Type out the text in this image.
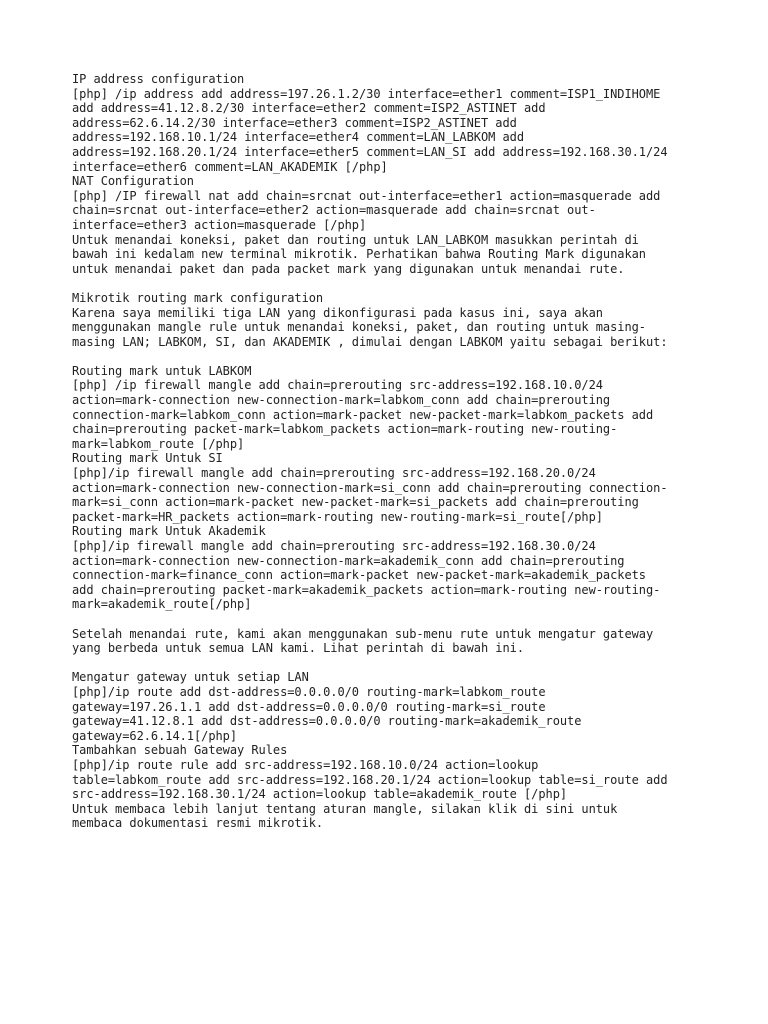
IP address configuration
[php] /ip address add address=197.26.1.2/30 interface=ether1 comment=ISP1_INDIHOME
add address=41.12.8.2/30 interface=ether2 comment=ISP2_ASTINET add
address=62.6.14.2/30 interface=ether3 comment=ISP2_ASTINET add
address=192.168.10.1/24 interface=ether4 comment=LAN_LABKOM add
address=192.168.20.1/24 interface=ether5 comment=LAN_SI add address=192.168.30.1/24
interface=ether6 comment=LAN_AKADEMIK [/php]
NAT Configuration
[php] /IP firewall nat add chain=srcnat out-interface=ether1 action=masquerade add
chain=srcnat out-interface=ether2 action=masquerade add chain=srcnat out-
interface=ether3 action=masquerade [/php]
Untuk menandai koneksi, paket dan routing untuk LAN_LABKOM masukkan perintah di
bawah ini kedalam new terminal mikrotik. Perhatikan bahwa Routing Mark digunakan
untuk menandai paket dan pada packet mark yang digunakan untuk menandai rute.

Mikrotik routing mark configuration
Karena saya memiliki tiga LAN yang dikonfigurasi pada kasus ini, saya akan
menggunakan mangle rule untuk menandai koneksi, paket, dan routing untuk masing-
masing LAN; LABKOM, SI, dan AKADEMIK , dimulai dengan LABKOM yaitu sebagai berikut:

Routing mark untuk LABKOM
[php] /ip firewall mangle add chain=prerouting src-address=192.168.10.0/24
action=mark-connection new-connection-mark=labkom_conn add chain=prerouting
connection-mark=labkom_conn action=mark-packet new-packet-mark=labkom_packets add
chain=prerouting packet-mark=labkom_packets action=mark-routing new-routing-
mark=labkom_route [/php]
Routing mark Untuk SI
[php]/ip firewall mangle add chain=prerouting src-address=192.168.20.0/24
action=mark-connection new-connection-mark=si_conn add chain=prerouting connection-
mark=si_conn action=mark-packet new-packet-mark=si_packets add chain=prerouting
packet-mark=HR_packets action=mark-routing new-routing-mark=si_route[/php]
Routing mark Untuk Akademik
[php]/ip firewall mangle add chain=prerouting src-address=192.168.30.0/24
action=mark-connection new-connection-mark=akademik_conn add chain=prerouting
connection-mark=finance_conn action=mark-packet new-packet-mark=akademik_packets
add chain=prerouting packet-mark=akademik_packets action=mark-routing new-routing-
mark=akademik_route[/php]

Setelah menandai rute, kami akan menggunakan sub-menu rute untuk mengatur gateway
yang berbeda untuk semua LAN kami. Lihat perintah di bawah ini.

Mengatur gateway untuk setiap LAN
[php]/ip route add dst-address=0.0.0.0/0 routing-mark=labkom_route
gateway=197.26.1.1 add dst-address=0.0.0.0/0 routing-mark=si_route
gateway=41.12.8.1 add dst-address=0.0.0.0/0 routing-mark=akademik_route
gateway=62.6.14.1[/php]
Tambahkan sebuah Gateway Rules
[php]/ip route rule add src-address=192.168.10.0/24 action=lookup
table=labkom_route add src-address=192.168.20.1/24 action=lookup table=si_route add
src-address=192.168.30.1/24 action=lookup table=akademik_route [/php]
Untuk membaca lebih lanjut tentang aturan mangle, silakan klik di sini untuk
membaca dokumentasi resmi mikrotik.
